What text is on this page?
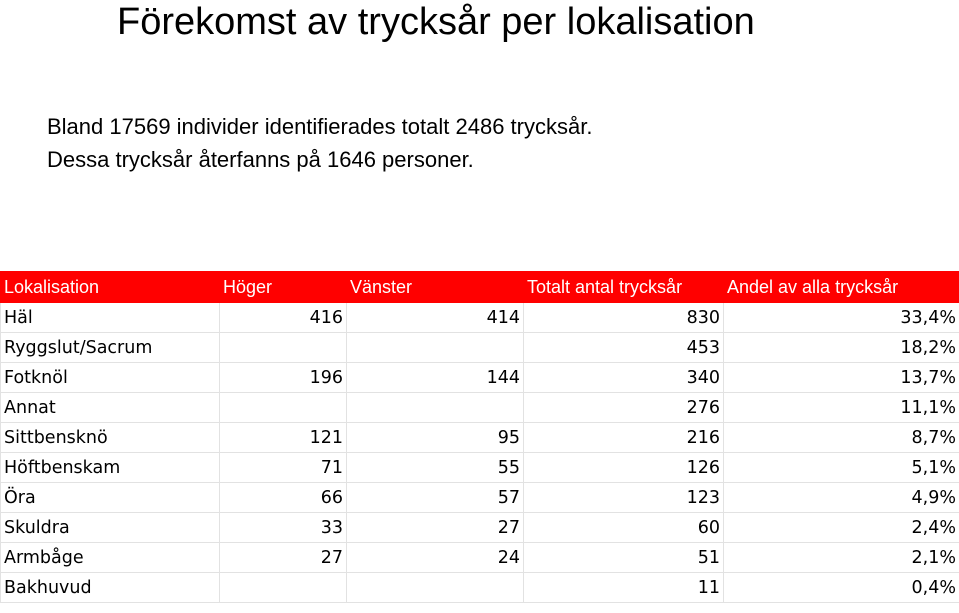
Förekomst av trycksår per lokalisation
Bland 17569 individer identifierades totalt 2486 trycksår.
Dessa trycksår återfanns på 1646 personer.
Lokalisation	Höger	Vänster	Totalt antal trycksår	Andel av alla trycksår
Häl	416	414	830	33,4%
Ryggslut/Sacrum			453	18,2%
Fotknöl	196	144	340	13,7%
Annat			276	11,1%
Sittbensknö	121	95	216	8,7%
Höftbenskam	71	55	126	5,1%
Öra	66	57	123	4,9%
Skuldra	33	27	60	2,4%
Armbåge	27	24	51	2,1%
Bakhuvud			11	0,4%
